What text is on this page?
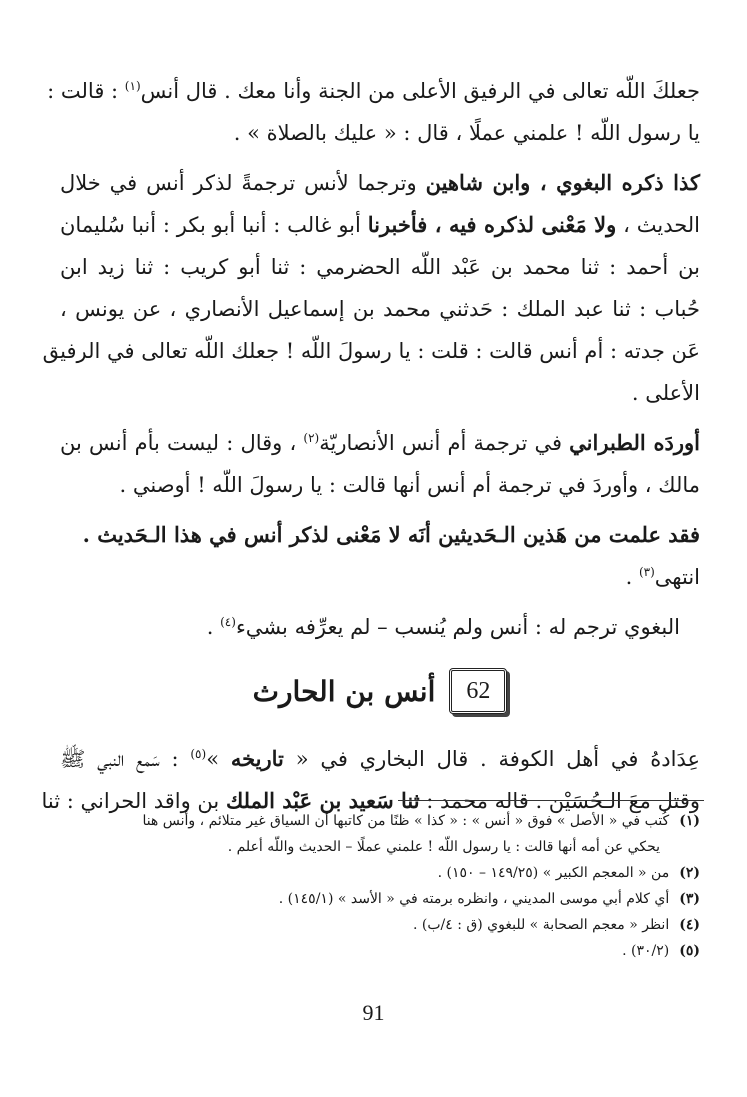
جعلكَ اللّه تعالى في الرفيق الأعلى من الجنة وأنا معك . قال أنس$^{(١)}$ : قالت :
يا رسول اللّه ! علمني عملًا ، قال : « عليك بالصلاة » .

كذا ذكره البغوي ، وابن شاهين وترجما لأنس ترجمةً لذكر أنس في خلال
الحديث ، ولا مَعْنى لذكره فيه ، فأخبرنا أبو غالب : أنبا أبو بكر : أنبا سُليمان
بن أحمد : ثنا محمد بن عَبْد اللّه الحضرمي : ثنا أبو كريب : ثنا زيد ابن
حُباب : ثنا عبد الملك : حَدثني محمد بن إسماعيل الأنصاري ، عن يونس ،
عَن جدته : أم أنس قالت : قلت : يا رسولَ اللّه ! جعلك اللّه تعالى في الرفيق
الأعلى .

أوردَه الطبراني في ترجمة أم أنس الأنصاريّة$^{(٢)}$ ، وقال : ليست بأم أنس بن
مالك ، وأوردَ في ترجمة أم أنس أنها قالت : يا رسولَ اللّه ! أوصني .

فقد علمت من هَذين الـحَديثين أنَه لا مَعْنى لذكر أنس في هذا الـحَديث .
انتهى$^{(٣)}$ .

البغوي ترجم له : أنس ولم يُنسب – لم يعرِّفه بشيء$^{(٤)}$ .

62
أنس بن الحارث

عِدَادهُ في أهل الكوفة . قال البخاري في « تاريخه »$^{(٥)}$ : سَمع النبي ﷺ
وقتل معَ الـحُسَيْن . قاله محمد : ثنا سَعيد بن عَبْد الملك بن واقد الحراني : ثنا

(١)كُتب في « الأصل » فوق « أنس » : « كذا » ظنًا من كاتبها أن السياق غير متلائم ، وأنس هنا
يحكي عن أمه أنها قالت : يا رسول اللّه ! علمني عملًا – الحديث واللّه أعلم .
(٢)من « المعجم الكبير » (١٤٩/٢٥ – ١٥٠) .
(٣)أي كلام أبي موسى المديني ، وانظره برمته في « الأسد » (١٤٥/١) .
(٤)انظر « معجم الصحابة » للبغوي (ق : ٤/ب) .
(٥)(٣٠/٢) .
91
